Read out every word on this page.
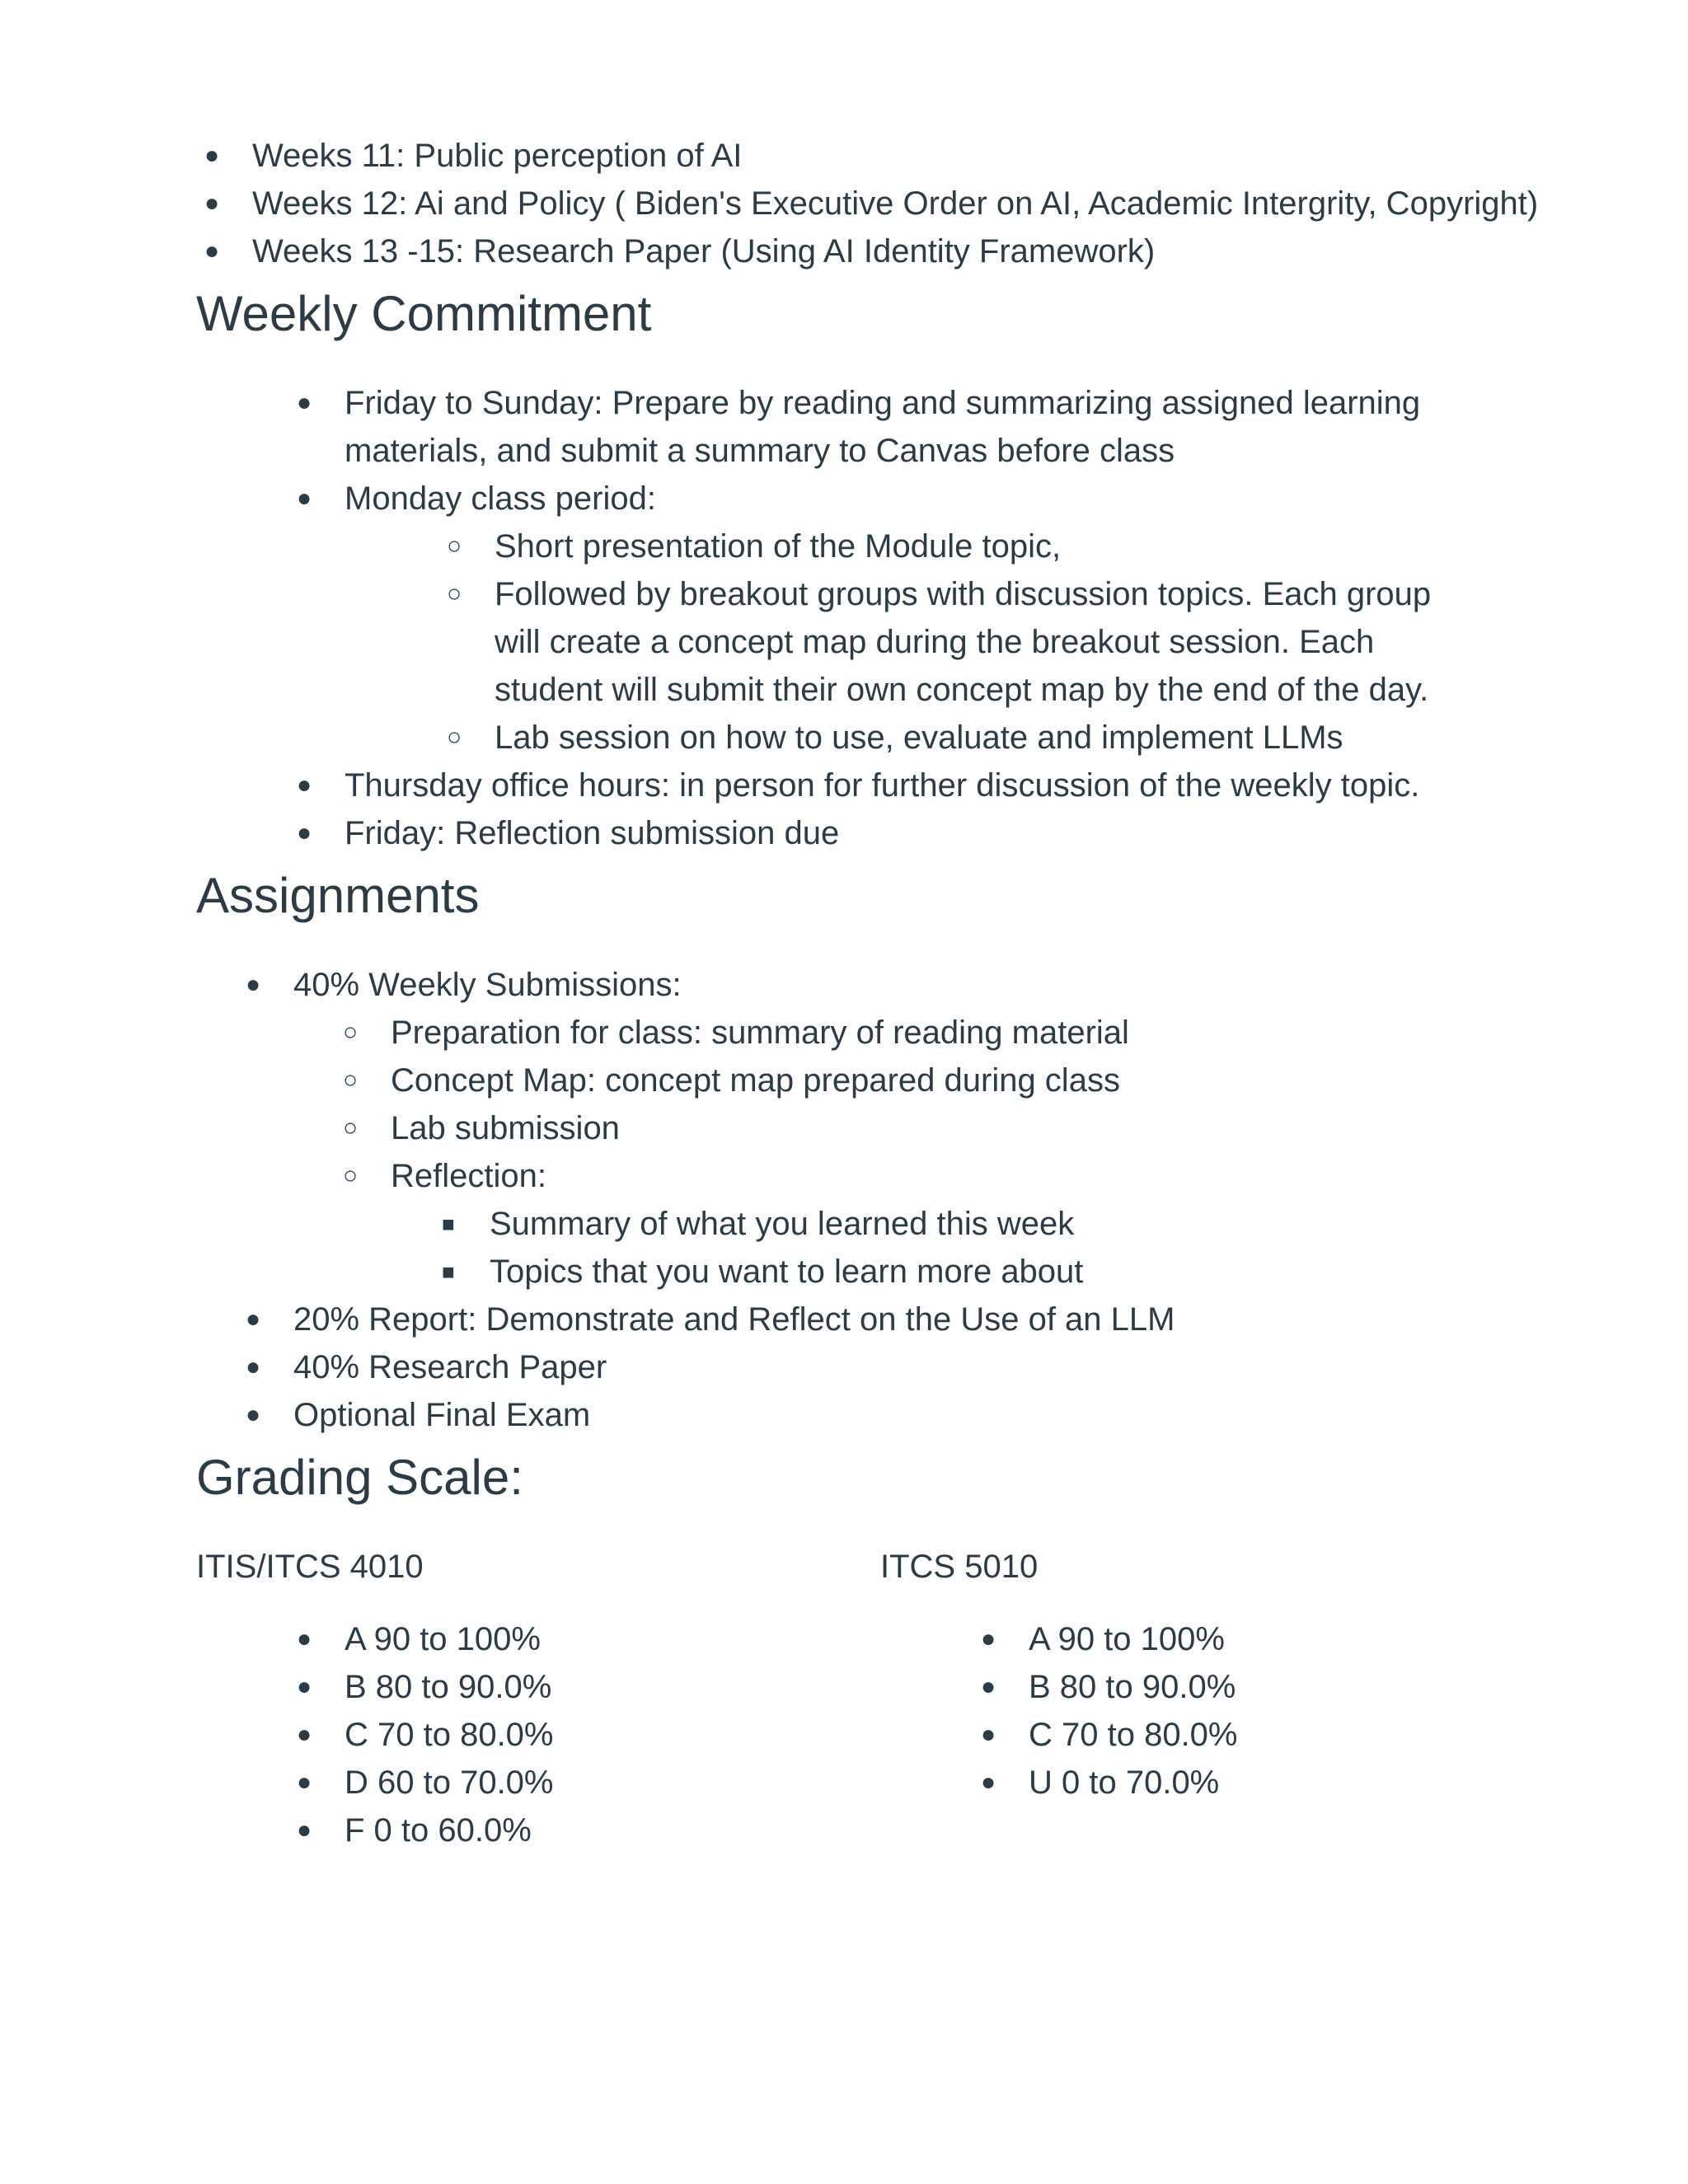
●
Weeks 11: Public perception of AI
●
Weeks 12: Ai and Policy ( Biden's Executive Order on AI, Academic Intergrity, Copyright)
●
Weeks 13 -15: Research Paper (Using AI Identity Framework)
Weekly Commitment
●
Friday to Sunday: Prepare by reading and summarizing assigned learning
materials, and submit a summary to Canvas before class
●
Monday class period:
○
Short presentation of the Module topic,
○
Followed by breakout groups with discussion topics. Each group
will create a concept map during the breakout session. Each
student will submit their own concept map by the end of the day.
○
Lab session on how to use, evaluate and implement LLMs
●
Thursday office hours: in person for further discussion of the weekly topic.
●
Friday: Reflection submission due
Assignments
●
40% Weekly Submissions:
○
Preparation for class: summary of reading material
○
Concept Map: concept map prepared during class
○
Lab submission
○
Reflection:
■
Summary of what you learned this week
■
Topics that you want to learn more about
●
20% Report: Demonstrate and Reflect on the Use of an LLM
●
40% Research Paper
●
Optional Final Exam
Grading Scale:
ITIS/ITCS 4010
●
A 90 to 100%
●
B 80 to 90.0%
●
C 70 to 80.0%
●
D 60 to 70.0%
●
F 0 to 60.0%
ITCS 5010
●
A 90 to 100%
●
B 80 to 90.0%
●
C 70 to 80.0%
●
U 0 to 70.0%
